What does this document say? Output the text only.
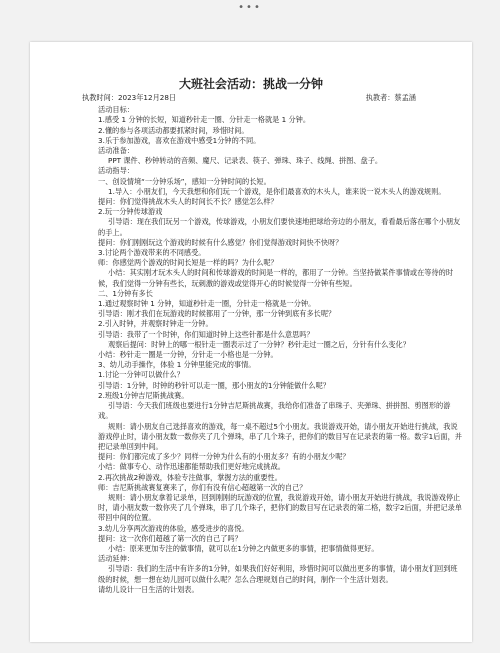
•••
大班社会活动：挑战一分钟
执教时间：2023年12月28日	执教者：蔡孟涵

活动目标：

1.感受 1 分钟的长短，知道秒针走一圈、分针走一格就是 1 分钟。

2.懂的参与各项活动都要抓紧时间，珍惜时间。

3.乐于参加游戏，喜欢在游戏中感受1分钟的不同。

活动准备：

PPT 课件、秒钟转动的音频、魔尺、记录表、筷子、弹珠、珠子、线绳、拼图、盘子。

活动指导：

一、创设情境“一分钟乐场”，感知一分钟时间的长短。

1.导入：小朋友们，今天我想和你们玩一个游戏，是你们最喜欢的木头人，谁来说一说木头人的游戏规则。

提问：你们觉得挑战木头人的时间长不长？感觉怎么样？

2.玩一分钟传球游戏

引导语：现在我们玩另一个游戏，传球游戏，小朋友们要快速地把球给旁边的小朋友，看看最后落在哪个小朋友的手上。

提问：你们刚刚玩这个游戏的时候有什么感觉？你们觉得游戏时间快不快呀？

3.讨论两个游戏带来的不同感受。

师：你感觉两个游戏的时间长短是一样的吗？为什么呢？

小结：其实刚才玩木头人的时间和传球游戏的时间是一样的，都用了一分钟。当坚持做某件事情或在等待的时候，我们觉得一分钟有些长，玩刺激的游戏或觉得开心的时候觉得一分钟有些短。

二、1分钟有多长

1.通过观察时钟 1 分钟，知道秒针走一圈，分针走一格就是一分钟。

引导语：刚才我们在玩游戏的时候都用了一分钟，那一分钟到底有多长呢？

2.引入时钟，并观察时钟走一分钟。

引导语：我带了一个时钟，你们知道时钟上这些针都是什么意思吗？

观察后提问：时钟上的哪一根针走一圈表示过了一分钟？秒针走过一圈之后，分针有什么变化？

小结：秒针走一圈是一分钟，分针走一小格也是一分钟。

3、幼儿动手操作，体验 1 分钟里能完成的事情。

1.讨论一分钟可以做什么？

引导语：1分钟，时钟的秒针可以走一圈，那小朋友的1分钟能做什么呢？

2.班级1分钟吉尼斯挑战赛。

引导语：今天我们班级也要进行1分钟吉尼斯挑战赛，我给你们准备了串珠子、夹弹珠、拼拼图、剪图形的游戏。

规则：请小朋友自己选择喜欢的游戏，每一桌不超过5个小朋友。我说游戏开始，请小朋友开始进行挑战，我说游戏停止时，请小朋友数一数你夹了几个弹珠，串了几个珠子，把你们的数目写在记录表的第一格。数字1后面，并把记录单回到中间。

提问：你们都完成了多少？同样一分钟为什么有的小朋友多？有的小朋友少呢？

小结：做事专心、动作迅速都能帮助我们更好地完成挑战。

2.再次挑战2种游戏，体验专注做事，掌握方法的重要性。

师：吉尼斯挑战赛复赛来了，你们有没有信心超越第一次的自己？

规则：请小朋友拿着记录单，回到刚刚的玩游戏的位置，我说游戏开始，请小朋友开始进行挑战，我说游戏停止时，请小朋友数一数你夹了几个弹珠，串了几个珠子，把你们的数目写在记录表的第二格，数字2后面，并把记录单带回中间的位置。

3.幼儿分享两次游戏的体验，感受进步的喜悦。

提问：这一次你们超越了第一次的自己了吗？

小结：原来更加专注的做事情，就可以在1分钟之内做更多的事情，把事情做得更好。

活动延伸：

引导语：我们的生活中有许多的1分钟，如果我们好好利用，珍惜时间可以做出更多的事情，请小朋友们回到班级的时候，想一想在幼儿园可以做什么呢？怎么合理规划自己的时间，制作一个生活计划表。

请幼儿设计一日生活的计划表。
